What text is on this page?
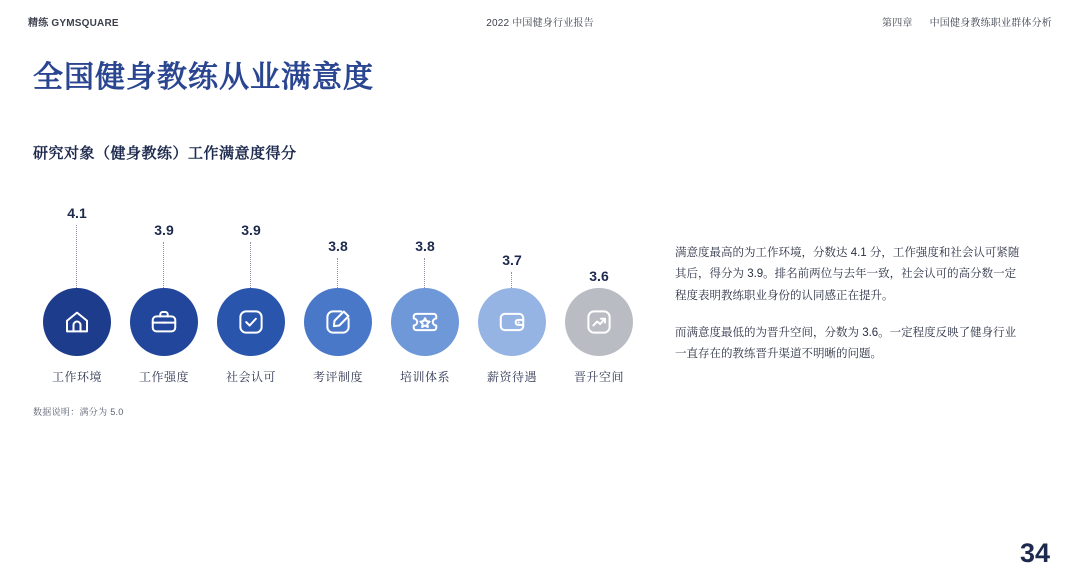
精练 GYMSQUARE	2022 中国健身行业报告	第四章 中国健身教练职业群体分析
全国健身教练从业满意度
研究对象（健身教练）工作满意度得分
4.1
工作环境
3.9
工作强度
3.9
社会认可
3.8
考评制度
3.8
培训体系
3.7
薪资待遇
3.6
晋升空间
数据说明：满分为 5.0

满意度最高的为工作环境，分数达 4.1 分，工作强度和社会认可紧随其后，得分为 3.9。排名前两位与去年一致，社会认可的高分数一定程度表明教练职业身份的认同感正在提升。

而满意度最低的为晋升空间，分数为 3.6。一定程度反映了健身行业一直存在的教练晋升渠道不明晰的问题。

34
